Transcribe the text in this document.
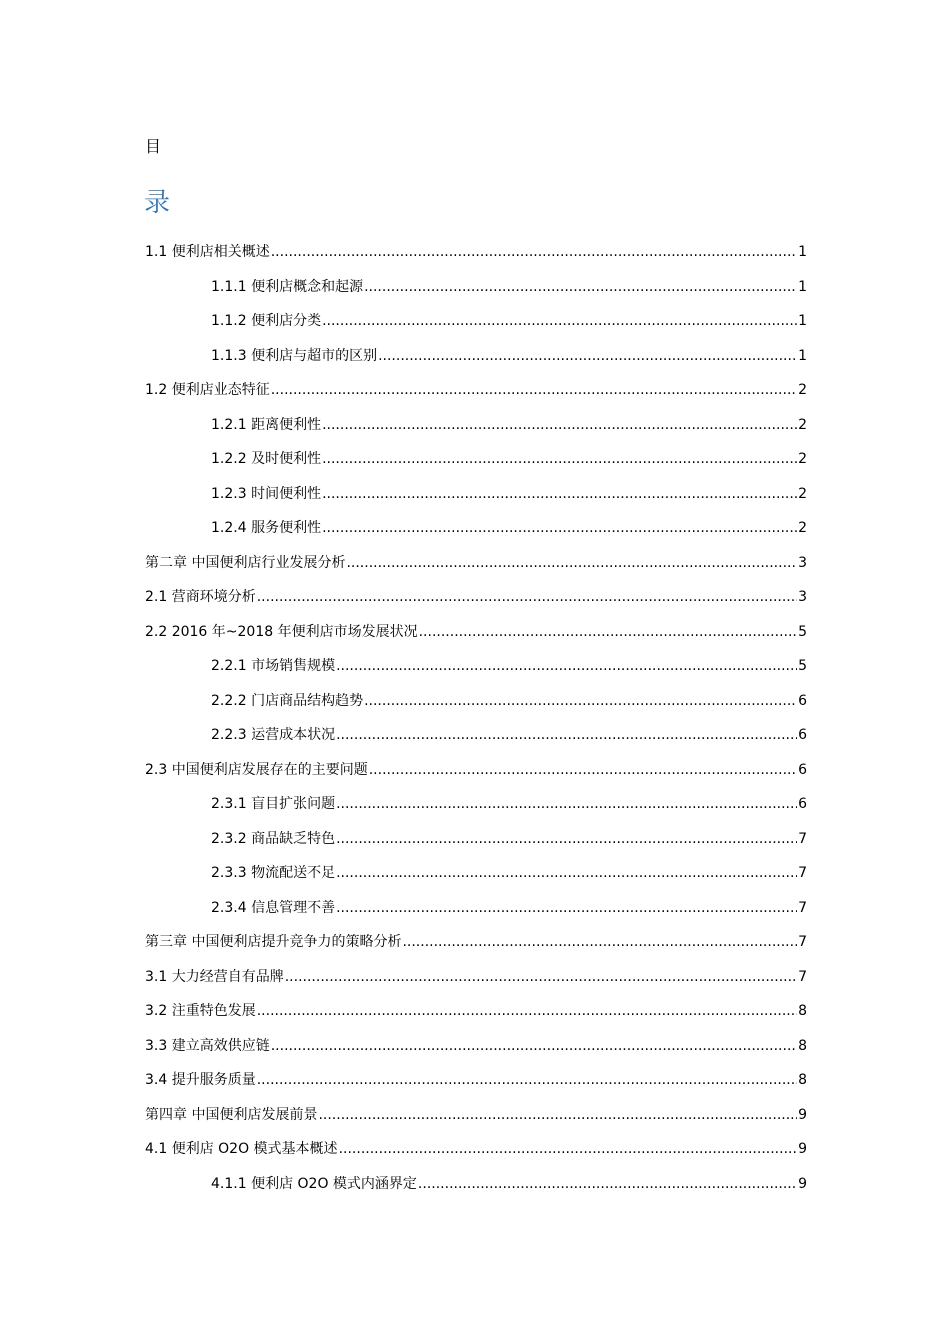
目
录
1.1 便利店相关概述 .....	1
1.1.1 便利店概念和起源 .....	1
1.1.2 便利店分类 .....	1
1.1.3 便利店与超市的区别 .....	1
1.2 便利店业态特征 .....	2
1.2.1 距离便利性 .....	2
1.2.2 及时便利性 .....	2
1.2.3 时间便利性 .....	2
1.2.4 服务便利性 .....	2
第二章 中国便利店行业发展分析 .....	3
2.1 营商环境分析 .....	3
2.2 2016 年~2018 年便利店市场发展状况 .....	5
2.2.1 市场销售规模 .....	5
2.2.2 门店商品结构趋势 .....	6
2.2.3 运营成本状况 .....	6
2.3 中国便利店发展存在的主要问题 .....	6
2.3.1 盲目扩张问题 .....	6
2.3.2 商品缺乏特色 .....	7
2.3.3 物流配送不足 .....	7
2.3.4 信息管理不善 .....	7
第三章 中国便利店提升竞争力的策略分析 .....	7
3.1 大力经营自有品牌 .....	7
3.2 注重特色发展 .....	8
3.3 建立高效供应链 .....	8
3.4 提升服务质量 .....	8
第四章 中国便利店发展前景 .....	9
4.1 便利店 O2O 模式基本概述 .....	9
4.1.1 便利店 O2O 模式内涵界定 .....	9
